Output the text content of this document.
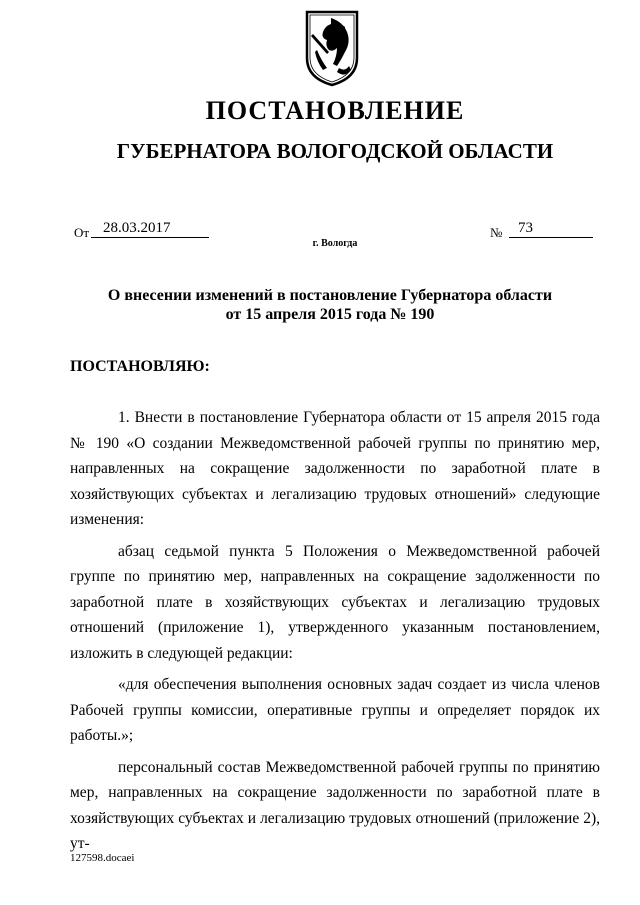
ПОСТАНОВЛЕНИЕ
ГУБЕРНАТОРА ВОЛОГОДСКОЙ ОБЛАСТИ
От 28.03.2017	№ 73
г. Вологда
О внесении изменений в постановление Губернатора области
от 15 апреля 2015 года № 190
ПОСТАНОВЛЯЮ:

1. Внести в постановление Губернатора области от 15 апреля 2015 года № 190 «О создании Межведомственной рабочей группы по принятию мер, направленных на сокращение задолженности по заработной плате в хозяйствующих субъектах и легализацию трудовых отношений» следующие изменения:

абзац седьмой пункта 5 Положения о Межведомственной рабочей группе по принятию мер, направленных на сокращение задолженности по заработной плате в хозяйствующих субъектах и легализацию трудовых отношений (приложение 1), утвержденного указанным постановлением, изложить в следующей редакции:

«для обеспечения выполнения основных задач создает из числа членов Рабочей группы комиссии, оперативные группы и определяет порядок их работы.»;

персональный состав Межведомственной рабочей группы по принятию мер, направленных на сокращение задолженности по заработной плате в хозяйствующих субъектах и легализацию трудовых отношений (приложение 2), ут-

127598.docaei
